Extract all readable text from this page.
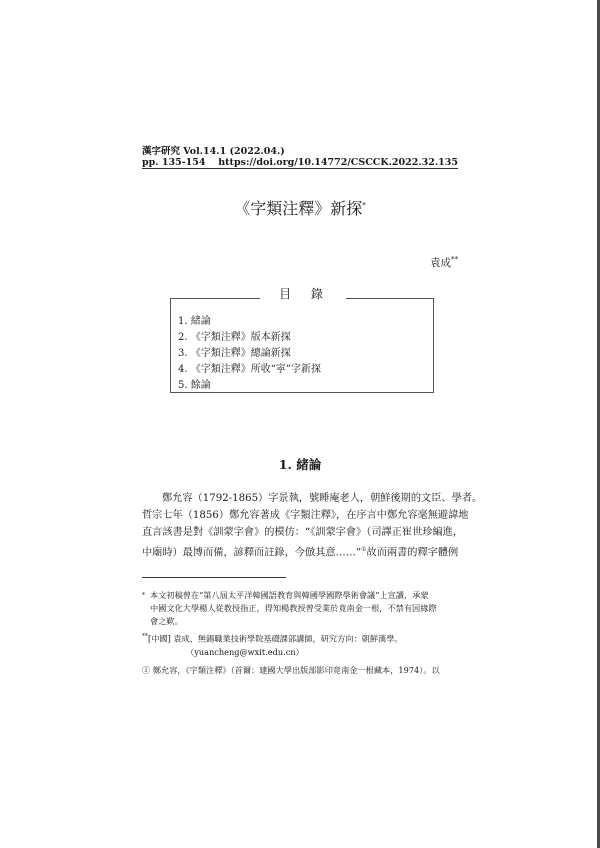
漢字研究 Vol.14.1 (2022.04.)
pp. 135-154 https://doi.org/10.14772/CSCCK.2022.32.135
《字類注釋》新探*
袁成**
目 錄
1. 緒論
2. 《字類注釋》版本新探
3. 《字類注釋》總論新探
4. 《字類注釋》所收“𡨴”字新探
5. 餘論
1. 緒論
鄭允容（1792-1865）字景執，號睡庵老人，朝鮮後期的文臣、學者。
哲宗七年（1856）鄭允容著成《字類注釋》，在序言中鄭允容毫無避諱地
直言該書是對《訓蒙字會》的模仿：“《訓蒙字會》（司譯正崔世珍編進，
中廟時）最博而備，諺釋而註錄，今倣其意……”①故而兩書的釋字體例
* 本文初稿曾在“第八屆太平洋韓國語教育與韓國學國際學術會議”上宣讀，承蒙
中國文化大學楊人從教授指正，得知楊教授曾受業於竟南金一根，不禁有因緣際
會之歎。
**[中國] 袁成，無錫職業技術學院基礎課部講師，研究方向：朝鮮漢學。
（yuancheng@wxit.edu.cn）
① 鄭允容，《字類注釋》（首爾：建國大學出版部影印竟南金一根藏本，1974）。以
